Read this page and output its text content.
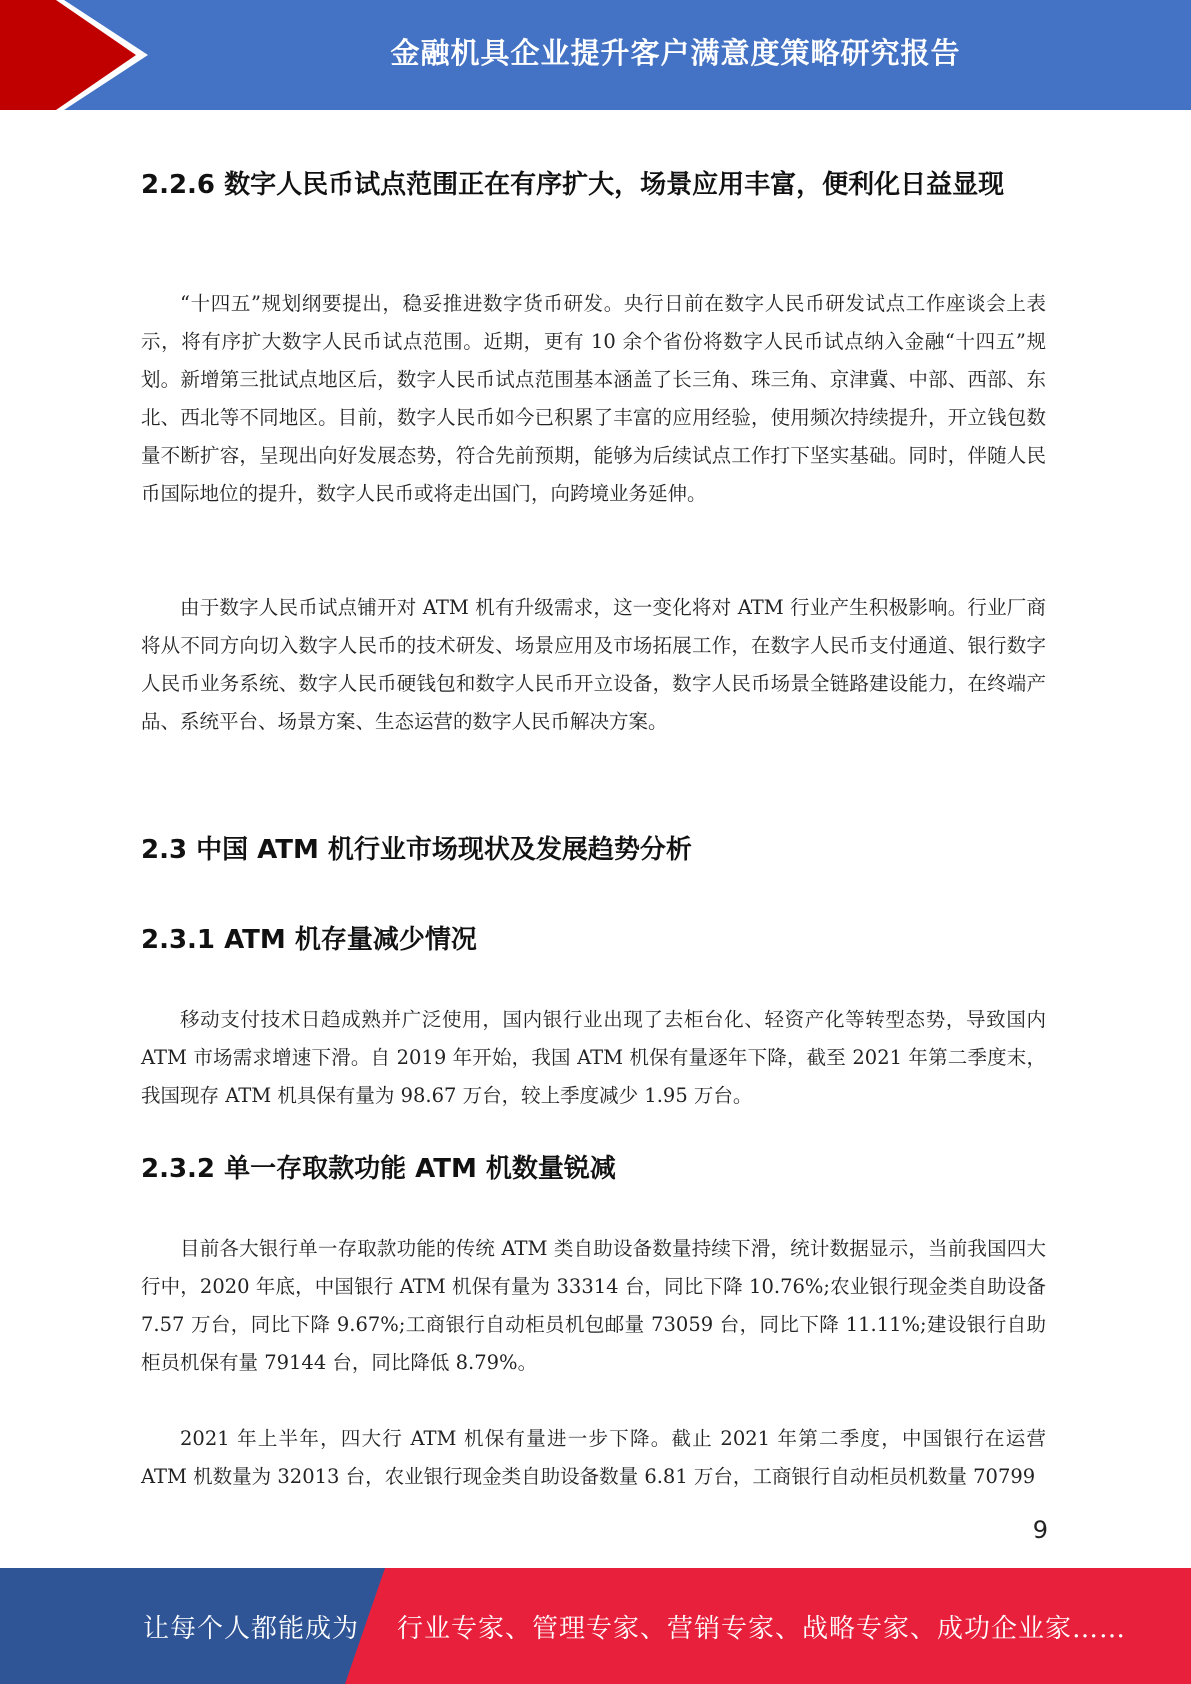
金融机具企业提升客户满意度策略研究报告
2.2.6 数字人民币试点范围正在有序扩大，场景应用丰富，便利化日益显现

“十四五”规划纲要提出，稳妥推进数字货币研发。央行日前在数字人民币研发试点工作座谈会上表示，将有序扩大数字人民币试点范围。近期，更有 10 余个省份将数字人民币试点纳入金融“十四五”规划。新增第三批试点地区后，数字人民币试点范围基本涵盖了长三角、珠三角、京津冀、中部、西部、东北、西北等不同地区。目前，数字人民币如今已积累了丰富的应用经验，使用频次持续提升，开立钱包数量不断扩容，呈现出向好发展态势，符合先前预期，能够为后续试点工作打下坚实基础。同时，伴随人民币国际地位的提升，数字人民币或将走出国门，向跨境业务延伸。

由于数字人民币试点铺开对 ATM 机有升级需求，这一变化将对 ATM 行业产生积极影响。行业厂商将从不同方向切入数字人民币的技术研发、场景应用及市场拓展工作，在数字人民币支付通道、银行数字人民币业务系统、数字人民币硬钱包和数字人民币开立设备，数字人民币场景全链路建设能力，在终端产品、系统平台、场景方案、生态运营的数字人民币解决方案。

2.3 中国 ATM 机行业市场现状及发展趋势分析
2.3.1 ATM 机存量减少情况

移动支付技术日趋成熟并广泛使用，国内银行业出现了去柜台化、轻资产化等转型态势，导致国内 ATM 市场需求增速下滑。自 2019 年开始，我国 ATM 机保有量逐年下降，截至 2021 年第二季度末，我国现存 ATM 机具保有量为 98.67 万台，较上季度减少 1.95 万台。

2.3.2 单一存取款功能 ATM 机数量锐减

目前各大银行单一存取款功能的传统 ATM 类自助设备数量持续下滑，统计数据显示，当前我国四大行中，2020 年底，中国银行 ATM 机保有量为 33314 台，同比下降 10.76%;农业银行现金类自助设备 7.57 万台，同比下降 9.67%;工商银行自动柜员机包邮量 73059 台，同比下降 11.11%;建设银行自助柜员机保有量 79144 台，同比降低 8.79%。

2021 年上半年，四大行 ATM 机保有量进一步下降。截止 2021 年第二季度，中国银行在运营 ATM 机数量为 32013 台，农业银行现金类自助设备数量 6.81 万台，工商银行自动柜员机数量 70799

9
让每个人都能成为 行业专家、管理专家、营销专家、战略专家、成功企业家……
